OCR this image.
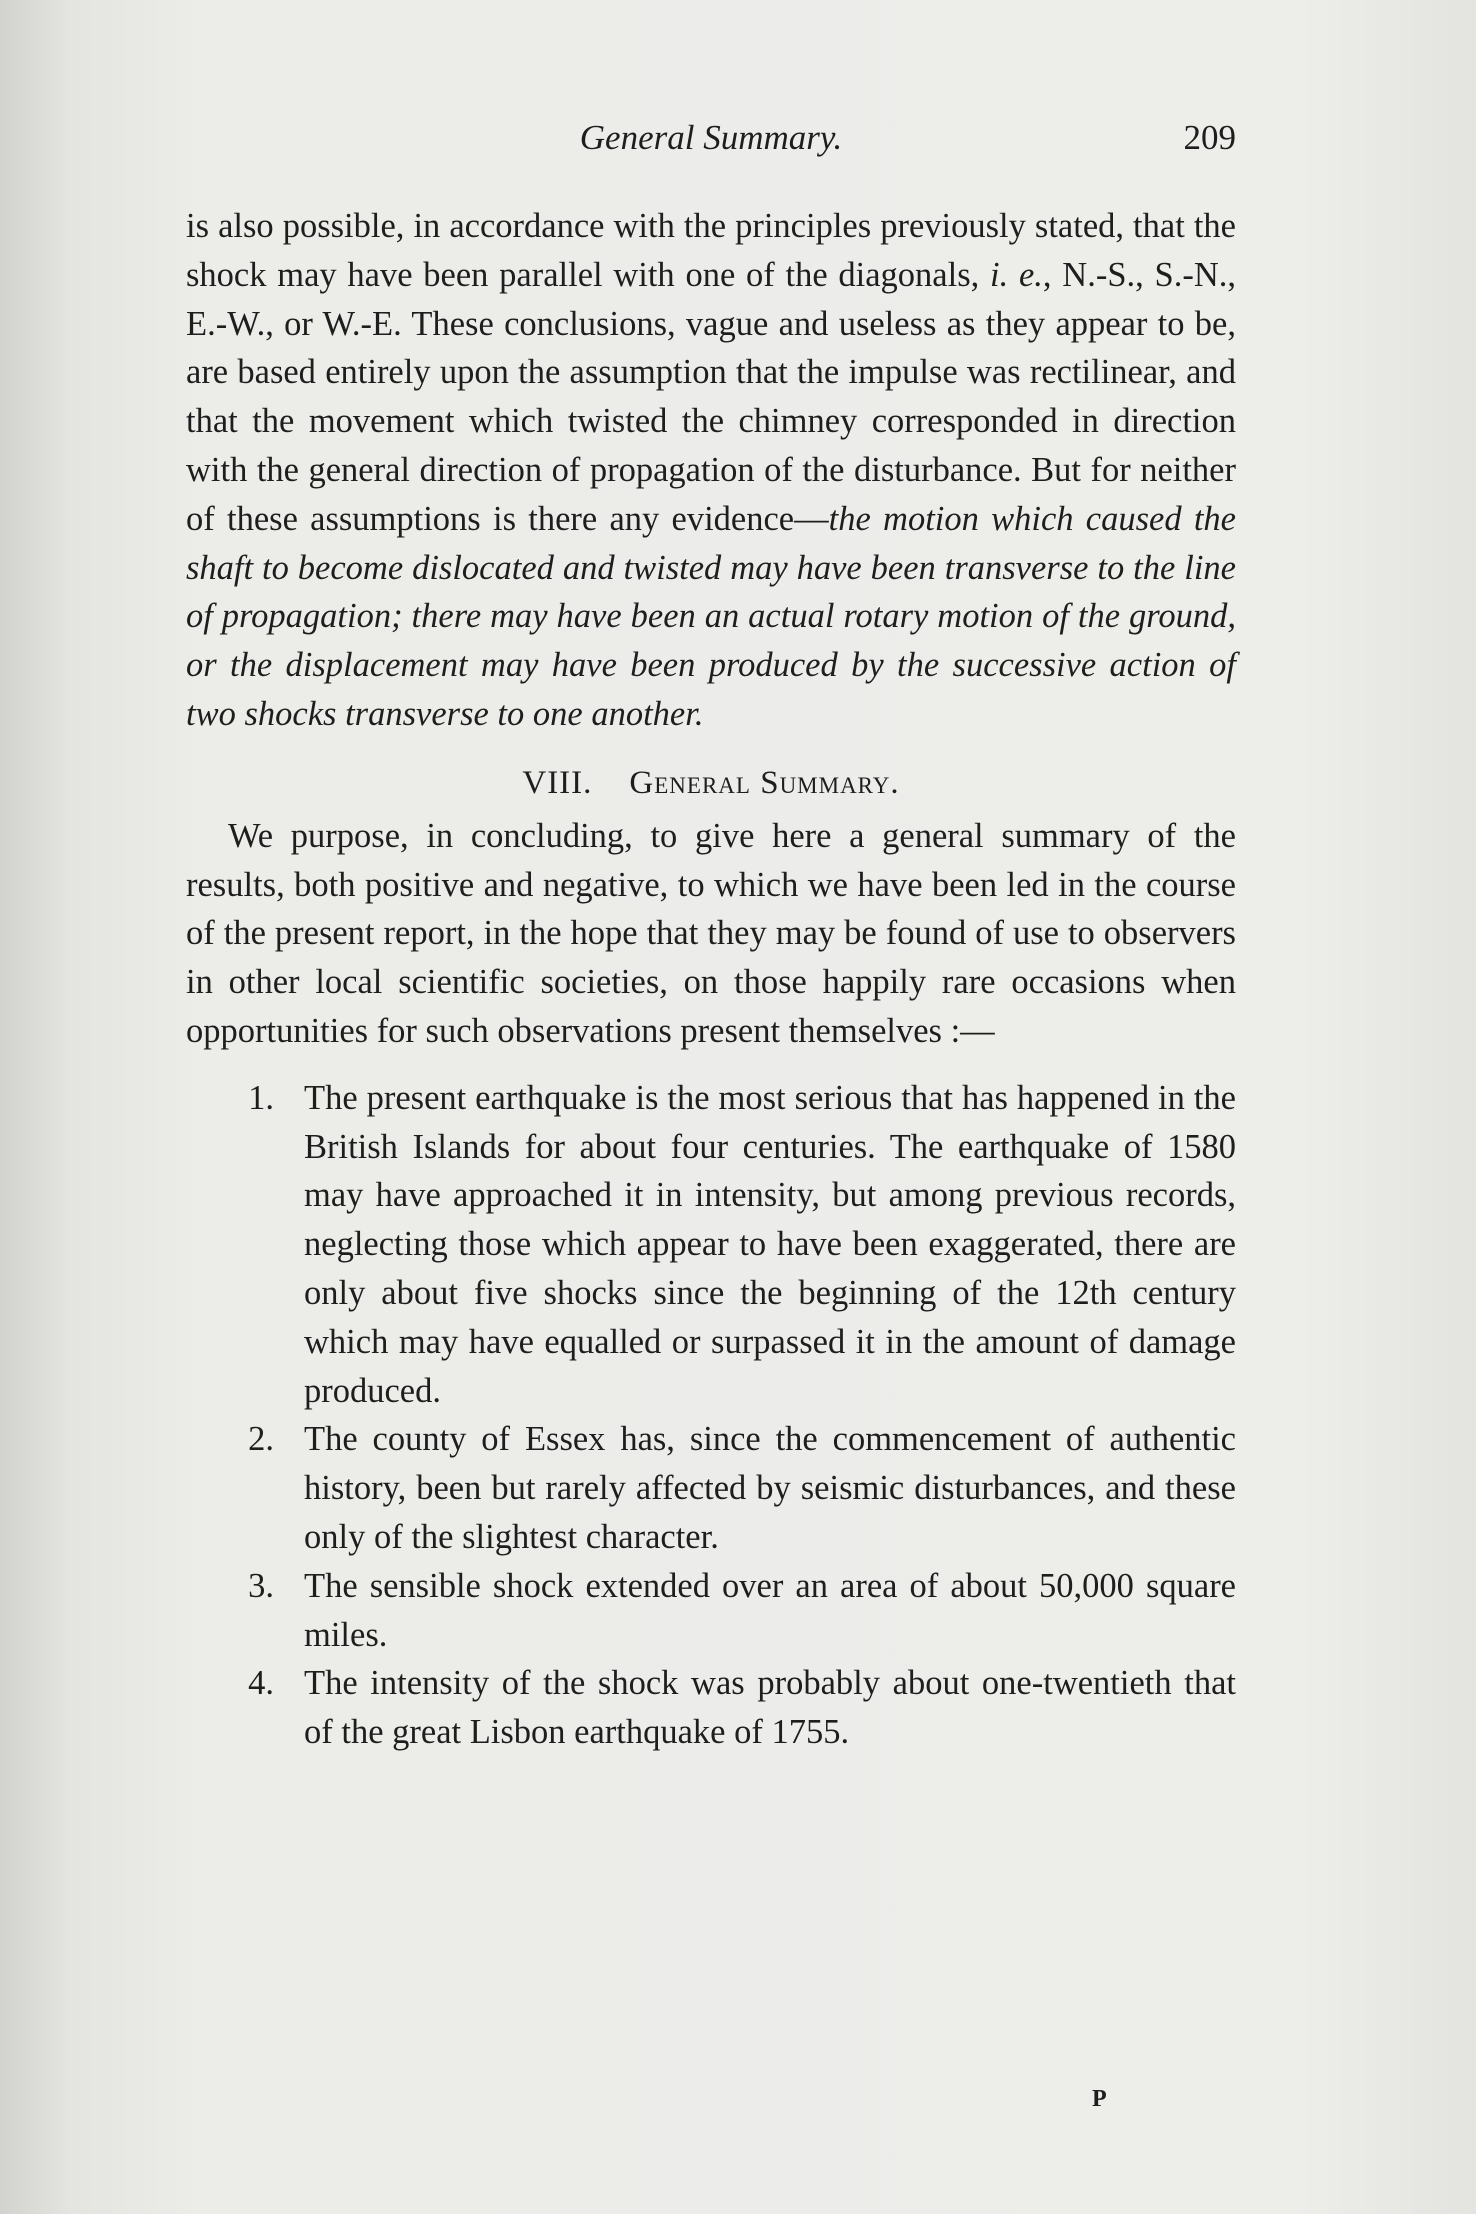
General Summary.	209

is also possible, in accordance with the principles previously stated, that the shock may have been parallel with one of the diagonals, i. e., N.-S., S.-N., E.-W., or W.-E. These conclusions, vague and useless as they appear to be, are based entirely upon the assumption that the impulse was rectilinear, and that the movement which twisted the chimney corresponded in direction with the general direction of propagation of the disturbance. But for neither of these assumptions is there any evidence—the motion which caused the shaft to become dislocated and twisted may have been transverse to the line of propagation; there may have been an actual rotary motion of the ground, or the displacement may have been produced by the successive action of two shocks transverse to one another.

VIII. General Summary.

We purpose, in concluding, to give here a general summary of the results, both positive and negative, to which we have been led in the course of the present report, in the hope that they may be found of use to observers in other local scientific societies, on those happily rare occasions when opportunities for such observations present themselves :—

1. The present earthquake is the most serious that has happened in the British Islands for about four centuries. The earthquake of 1580 may have approached it in intensity, but among previous records, neglecting those which appear to have been exaggerated, there are only about five shocks since the beginning of the 12th century which may have equalled or surpassed it in the amount of damage produced.
2. The county of Essex has, since the commencement of authentic history, been but rarely affected by seismic disturbances, and these only of the slightest character.
3. The sensible shock extended over an area of about 50,000 square miles.
4. The intensity of the shock was probably about one-twentieth that of the great Lisbon earthquake of 1755.
P
